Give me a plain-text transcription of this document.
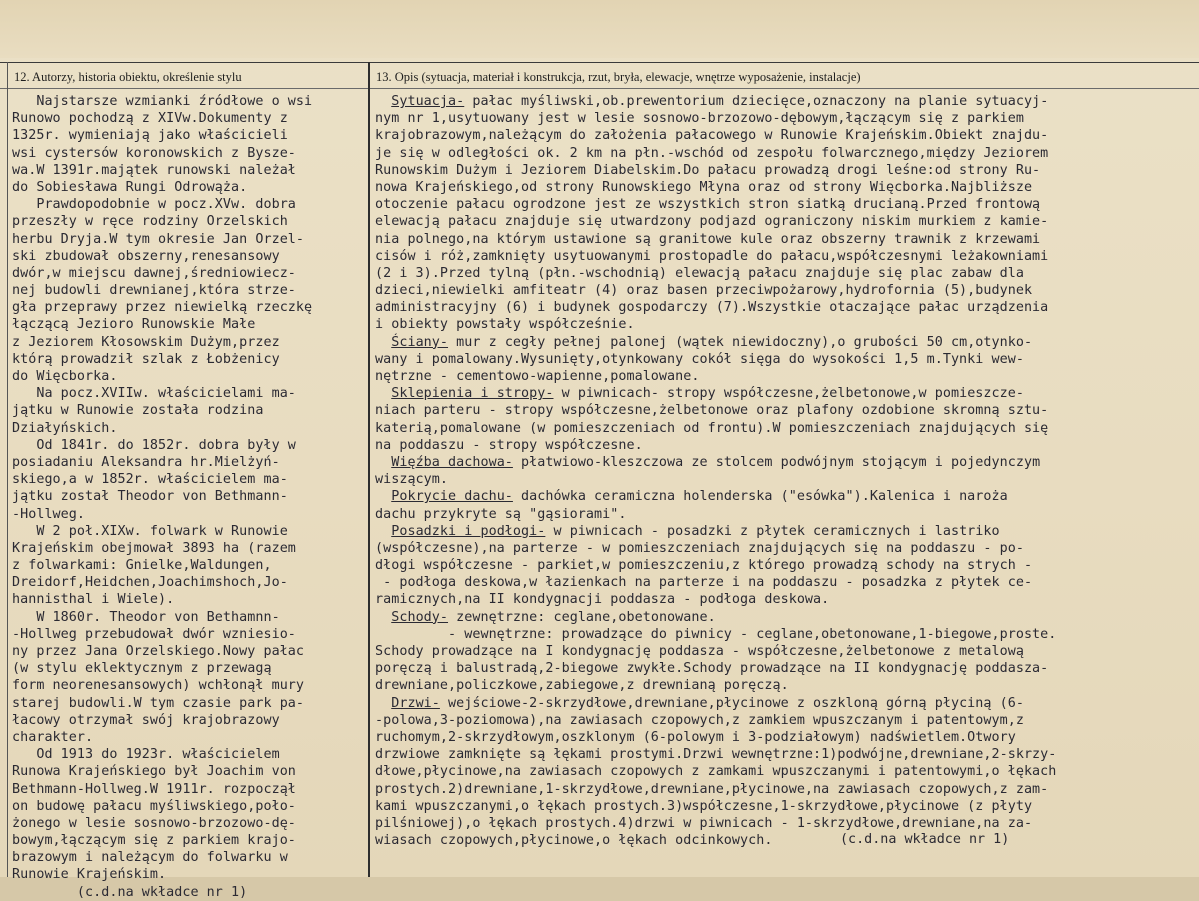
12. Autorzy, historia obiektu, określenie stylu	13. Opis (sytuacja, materiał i konstrukcja, rzut, bryła, elewacje, wnętrze wyposażenie, instalacje)
Najstarsze wzmianki źródłowe o wsi
Runowo pochodzą z XIVw.Dokumenty z
1325r. wymieniają jako właścicieli
wsi cystersów koronowskich z Bysze-
wa.W 1391r.majątek runowski należał
do Sobiesława Rungi Odrowąża.
Prawdopodobnie w pocz.XVw. dobra
przeszły w ręce rodziny Orzelskich
herbu Dryja.W tym okresie Jan Orzel-
ski zbudował obszerny,renesansowy
dwór,w miejscu dawnej,średniowiecz-
nej budowli drewnianej,która strze-
gła przeprawy przez niewielką rzeczkę
łączącą Jezioro Runowskie Małe
z Jeziorem Kłosowskim Dużym,przez
którą prowadził szlak z Łobżenicy
do Więcborka.
Na pocz.XVIIw. właścicielami ma-
jątku w Runowie została rodzina
Działyńskich.
Od 1841r. do 1852r. dobra były w
posiadaniu Aleksandra hr.Mielżyń-
skiego,a w 1852r. właścicielem ma-
jątku został Theodor von Bethmann-
-Hollweg.
W 2 poł.XIXw. folwark w Runowie
Krajeńskim obejmował 3893 ha (razem
z folwarkami: Gnielke,Waldungen,
Dreidorf,Heidchen,Joachimshoch,Jo-
hannisthal i Wiele).
W 1860r. Theodor von Bethamnn-
-Hollweg przebudował dwór wzniesio-
ny przez Jana Orzelskiego.Nowy pałac
(w stylu eklektycznym z przewagą
form neorenesansowych) wchłonął mury
starej budowli.W tym czasie park pa-
łacowy otrzymał swój krajobrazowy
charakter.
Od 1913 do 1923r. właścicielem
Runowa Krajeńskiego był Joachim von
Bethmann-Hollweg.W 1911r. rozpoczął
on budowę pałacu myśliwskiego,poło-
żonego w lesie sosnowo-brzozowo-dę-
bowym,łączącym się z parkiem krajo-
brazowym i należącym do folwarku w
Runowie Krajeńskim.
(c.d.na wkładce nr 1)
Sytuacja- pałac myśliwski,ob.prewentorium dziecięce,oznaczony na planie sytuacyj-
nym nr 1,usytuowany jest w lesie sosnowo-brzozowo-dębowym,łączącym się z parkiem
krajobrazowym,należącym do założenia pałacowego w Runowie Krajeńskim.Obiekt znajdu-
je się w odległości ok. 2 km na płn.-wschód od zespołu folwarcznego,między Jeziorem
Runowskim Dużym i Jeziorem Diabelskim.Do pałacu prowadzą drogi leśne:od strony Ru-
nowa Krajeńskiego,od strony Runowskiego Młyna oraz od strony Więcborka.Najbliższe
otoczenie pałacu ogrodzone jest ze wszystkich stron siatką drucianą.Przed frontową
elewacją pałacu znajduje się utwardzony podjazd ograniczony niskim murkiem z kamie-
nia polnego,na którym ustawione są granitowe kule oraz obszerny trawnik z krzewami
cisów i róż,zamknięty usytuowanymi prostopadle do pałacu,współczesnymi leżakowniami
(2 i 3).Przed tylną (płn.-wschodnią) elewacją pałacu znajduje się plac zabaw dla
dzieci,niewielki amfiteatr (4) oraz basen przeciwpożarowy,hydrofornia (5),budynek
administracyjny (6) i budynek gospodarczy (7).Wszystkie otaczające pałac urządzenia
i obiekty powstały współcześnie.
Ściany- mur z cegły pełnej palonej (wątek niewidoczny),o grubości 50 cm,otynko-
wany i pomalowany.Wysunięty,otynkowany cokół sięga do wysokości 1,5 m.Tynki wew-
nętrzne - cementowo-wapienne,pomalowane.
Sklepienia i stropy- w piwnicach- stropy współczesne,żelbetonowe,w pomieszcze-
niach parteru - stropy współczesne,żelbetonowe oraz plafony ozdobione skromną sztu-
katerią,pomalowane (w pomieszczeniach od frontu).W pomieszczeniach znajdujących się
na poddaszu - stropy współczesne.
Więźba dachowa- płatwiowo-kleszczowa ze stolcem podwójnym stojącym i pojedynczym
wiszącym.
Pokrycie dachu- dachówka ceramiczna holenderska ("esówka").Kalenica i naroża
dachu przykryte są "gąsiorami".
Posadzki i podłogi- w piwnicach - posadzki z płytek ceramicznych i lastriko
(współczesne),na parterze - w pomieszczeniach znajdujących się na poddaszu - po-
dłogi współczesne - parkiet,w pomieszczeniu,z którego prowadzą schody na strych -
- podłoga deskowa,w łazienkach na parterze i na poddaszu - posadzka z płytek ce-
ramicznych,na II kondygnacji poddasza - podłoga deskowa.
Schody- zewnętrzne: ceglane,obetonowane.
- wewnętrzne: prowadzące do piwnicy - ceglane,obetonowane,1-biegowe,proste.
Schody prowadzące na I kondygnację poddasza - współczesne,żelbetonowe z metalową
poręczą i balustradą,2-biegowe zwykłe.Schody prowadzące na II kondygnację poddasza-
drewniane,policzkowe,zabiegowe,z drewnianą poręczą.
Drzwi- wejściowe-2-skrzydłowe,drewniane,płycinowe z oszkloną górną płyciną (6-
-polowa,3-poziomowa),na zawiasach czopowych,z zamkiem wpuszczanym i patentowym,z
ruchomym,2-skrzydłowym,oszklonym (6-polowym i 3-podziałowym) nadświetlem.Otwory
drzwiowe zamknięte są łękami prostymi.Drzwi wewnętrzne:1)podwójne,drewniane,2-skrzy-
dłowe,płycinowe,na zawiasach czopowych z zamkami wpuszczanymi i patentowymi,o łękach
prostych.2)drewniane,1-skrzydłowe,drewniane,płycinowe,na zawiasach czopowych,z zam-
kami wpuszczanymi,o łękach prostych.3)współczesne,1-skrzydłowe,płycinowe (z płyty
pilśniowej),o łękach prostych.4)drzwi w piwnicach - 1-skrzydłowe,drewniane,na za-
wiasach czopowych,płycinowe,o łękach odcinkowych.	(c.d.na wkładce nr 1)
